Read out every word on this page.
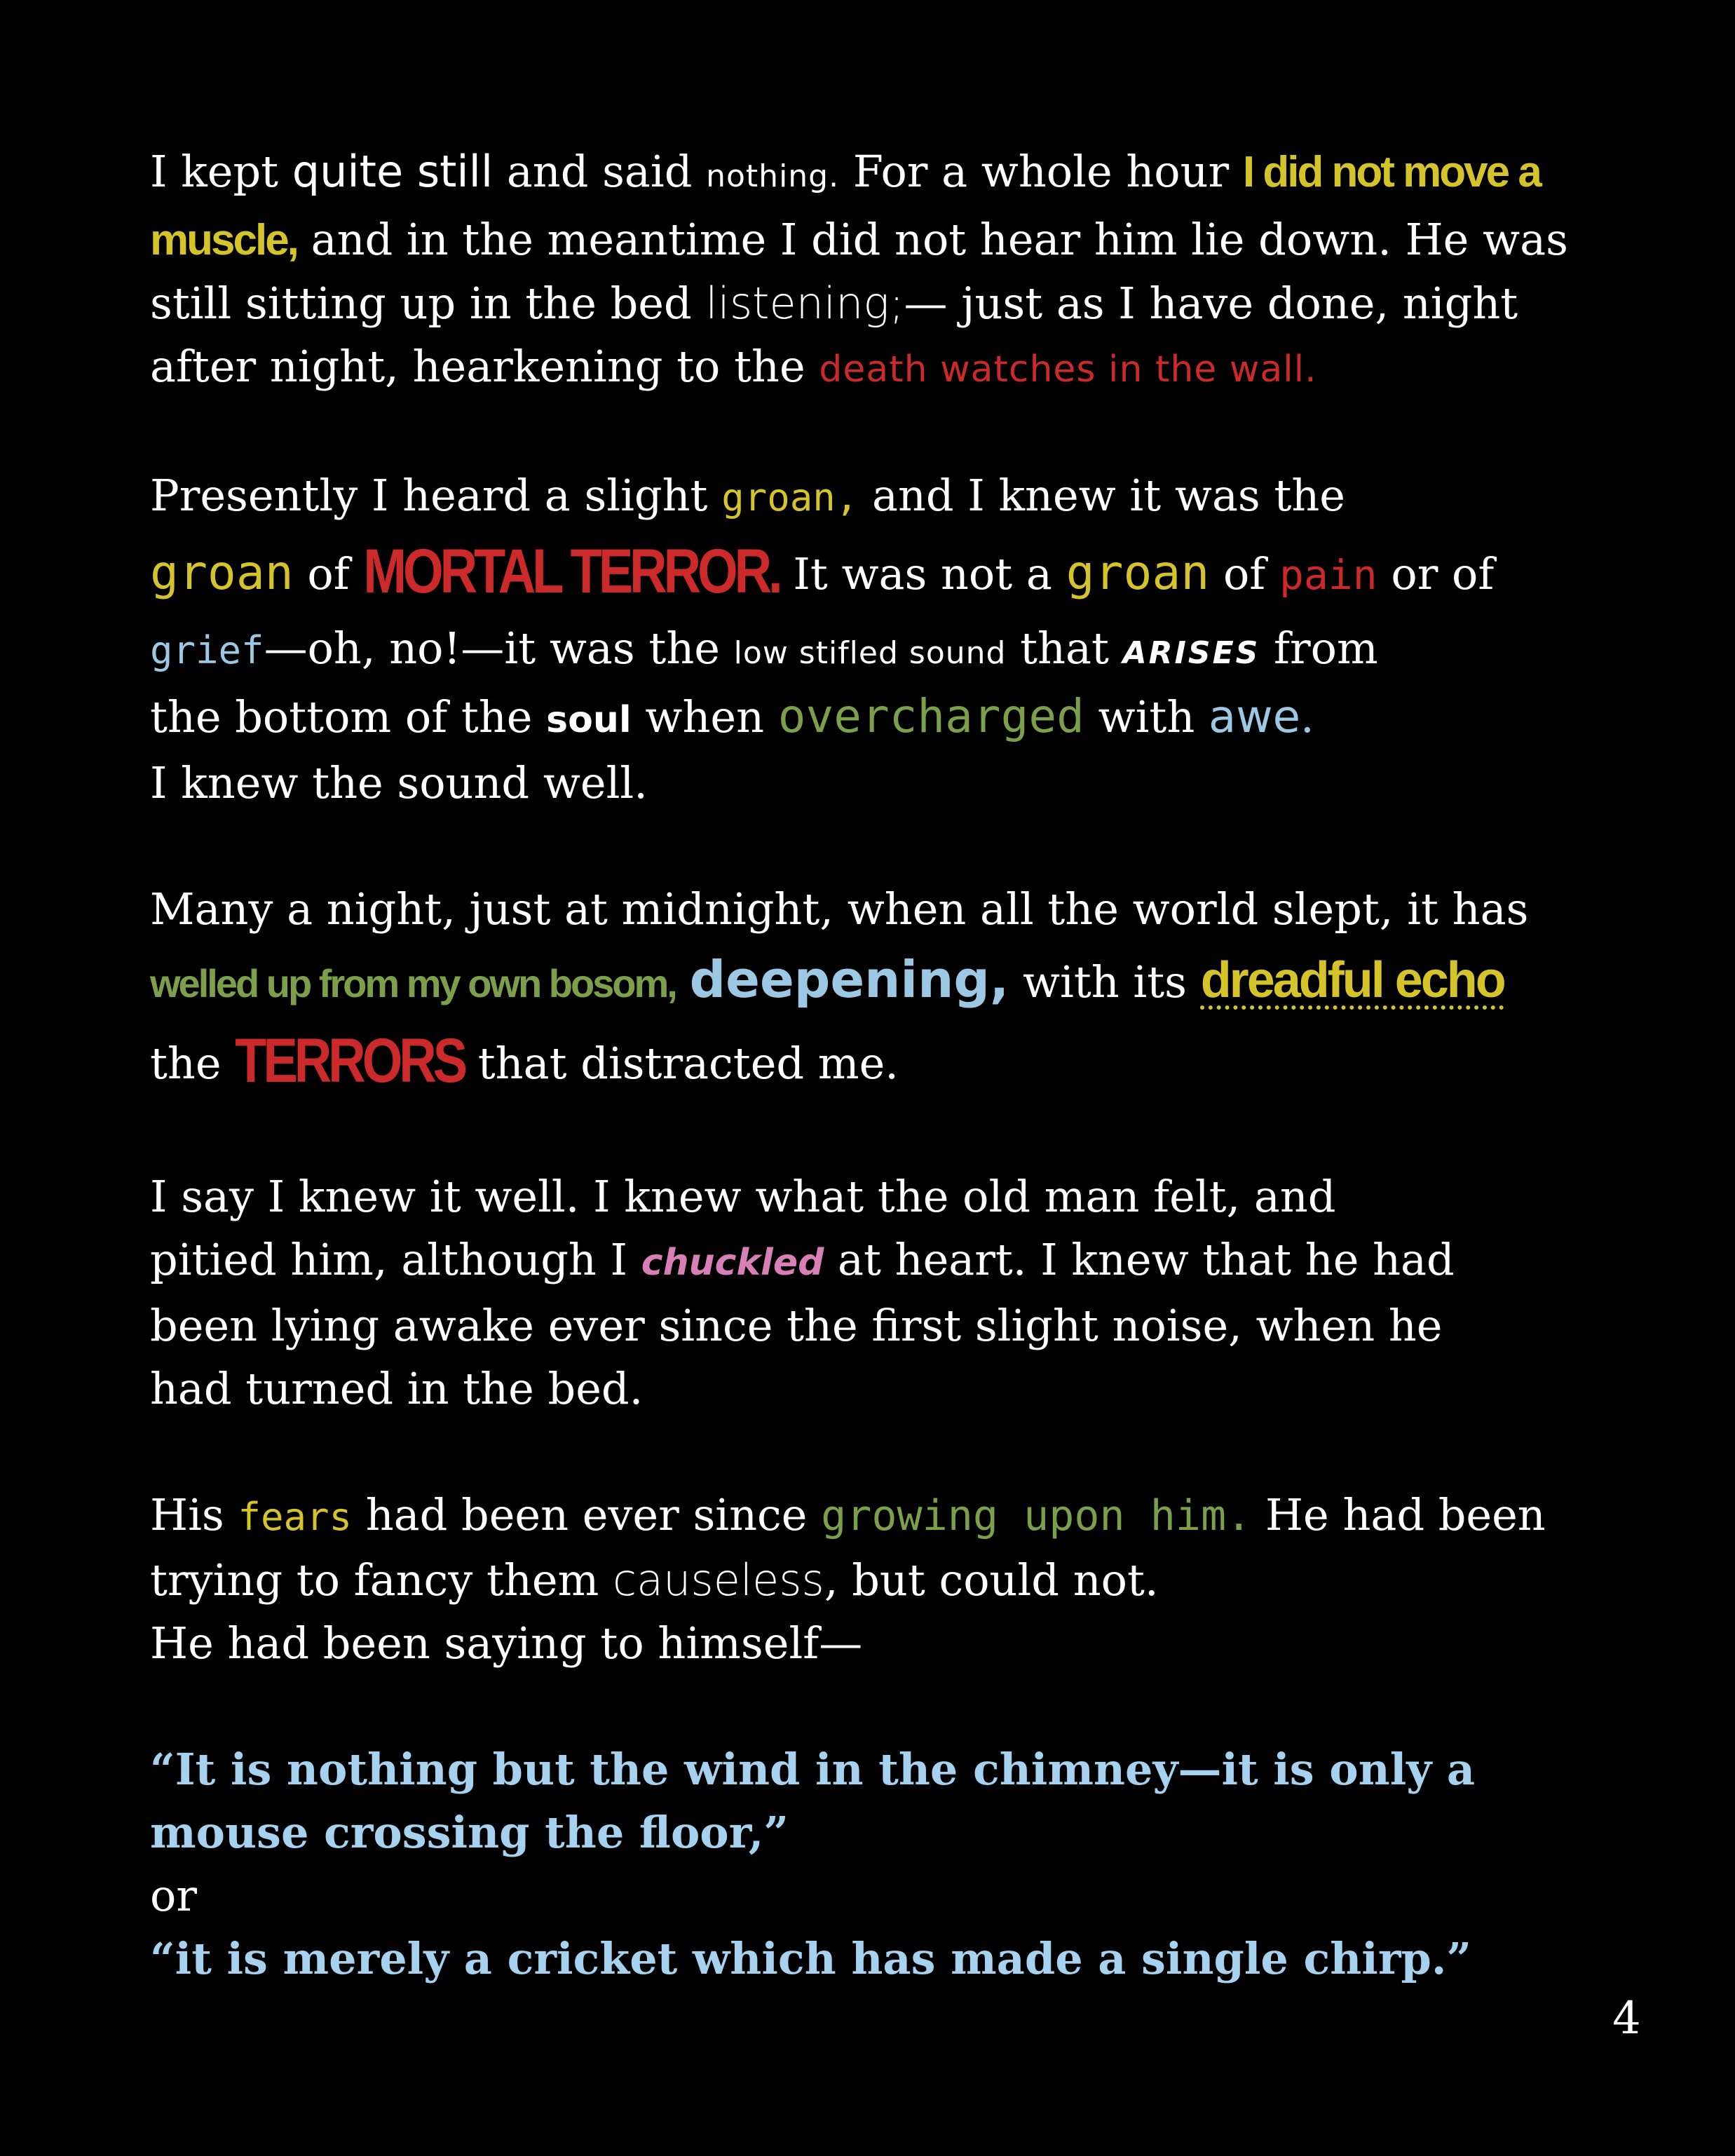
I kept quite still and said nothing. For a whole hour I did not move a
muscle, and in the meantime I did not hear him lie down. He was
still sitting up in the bed listening;— just as I have done, night
after night, hearkening to the death watches in the wall.
Presently I heard a slight groan, and I knew it was the
groan of MORTAL TERROR. It was not a groan of pain or of
grief—oh, no!—it was the low stifled sound that ARISES from
the bottom of the soul when overcharged with awe.
I knew the sound well.
Many a night, just at midnight, when all the world slept, it has
welled up from my own bosom, deepening, with its dreadful echo
the TERRORS that distracted me.
I say I knew it well. I knew what the old man felt, and
pitied him, although I chuckled at heart. I knew that he had
been lying awake ever since the first slight noise, when he
had turned in the bed.
His fears had been ever since growing upon him. He had been
trying to fancy them causeless, but could not.
He had been saying to himself—
“It is nothing but the wind in the chimney—it is only a
mouse crossing the floor,”
or
“it is merely a cricket which has made a single chirp.”
4
